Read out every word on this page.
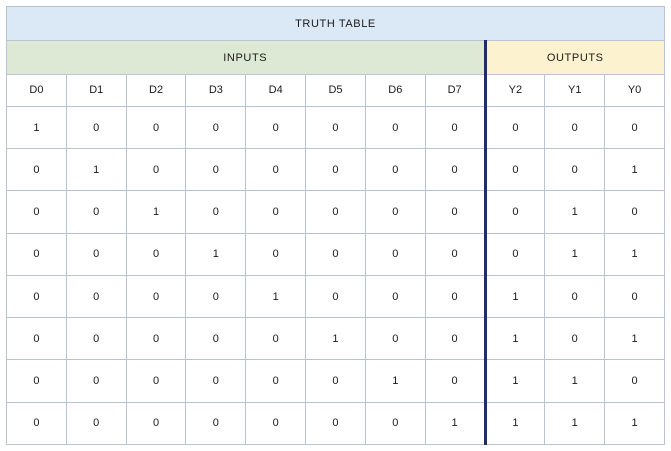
TRUTH TABLE										
INPUTS								OUTPUTS		
D0	D1	D2	D3	D4	D5	D6	D7	Y2	Y1	Y0
1	0	0	0	0	0	0	0	0	0	0
0	1	0	0	0	0	0	0	0	0	1
0	0	1	0	0	0	0	0	0	1	0
0	0	0	1	0	0	0	0	0	1	1
0	0	0	0	1	0	0	0	1	0	0
0	0	0	0	0	1	0	0	1	0	1
0	0	0	0	0	0	1	0	1	1	0
0	0	0	0	0	0	0	1	1	1	1
